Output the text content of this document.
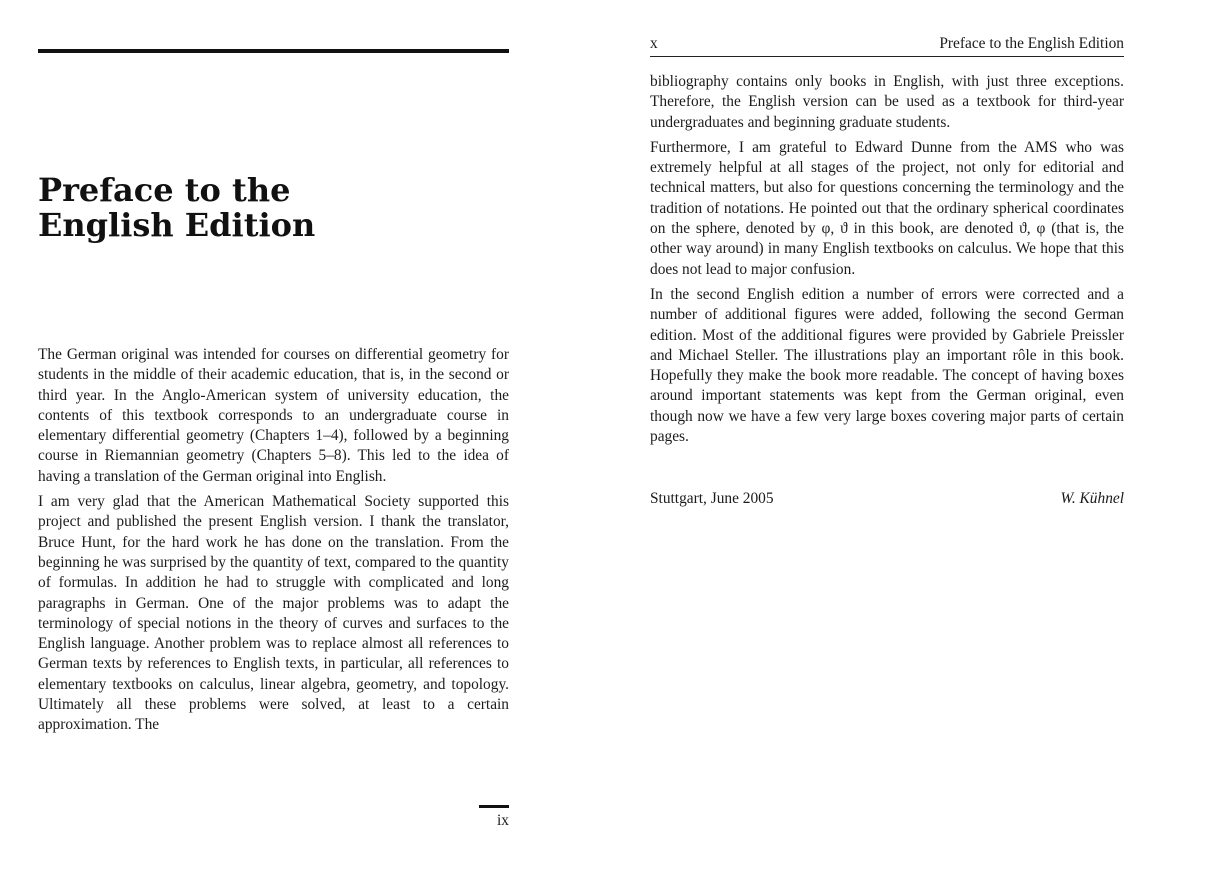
Preface to the
English Edition

The German original was intended for courses on differential geometry for students in the middle of their academic education, that is, in the second or third year. In the Anglo-American system of university education, the contents of this textbook corresponds to an undergraduate course in elementary differential geometry (Chapters 1–4), followed by a beginning course in Riemannian geometry (Chapters 5–8). This led to the idea of having a translation of the German original into English.

I am very glad that the American Mathematical Society supported this project and published the present English version. I thank the translator, Bruce Hunt, for the hard work he has done on the translation. From the beginning he was surprised by the quantity of text, compared to the quantity of formulas. In addition he had to struggle with complicated and long paragraphs in German. One of the major problems was to adapt the terminology of special notions in the theory of curves and surfaces to the English language. Another problem was to replace almost all references to German texts by references to English texts, in particular, all references to elementary textbooks on calculus, linear algebra, geometry, and topology. Ultimately all these problems were solved, at least to a certain approximation. The

ix
x	Preface to the English Edition

bibliography contains only books in English, with just three exceptions. Therefore, the English version can be used as a textbook for third-year undergraduates and beginning graduate students.

Furthermore, I am grateful to Edward Dunne from the AMS who was extremely helpful at all stages of the project, not only for editorial and technical matters, but also for questions concerning the terminology and the tradition of notations. He pointed out that the ordinary spherical coordinates on the sphere, denoted by φ, ϑ in this book, are denoted ϑ, φ (that is, the other way around) in many English textbooks on calculus. We hope that this does not lead to major confusion.

In the second English edition a number of errors were corrected and a number of additional figures were added, following the second German edition. Most of the additional figures were provided by Gabriele Preissler and Michael Steller. The illustrations play an important rôle in this book. Hopefully they make the book more readable. The concept of having boxes around important statements was kept from the German original, even though now we have a few very large boxes covering major parts of certain pages.

Stuttgart, June 2005	W. Kühnel
